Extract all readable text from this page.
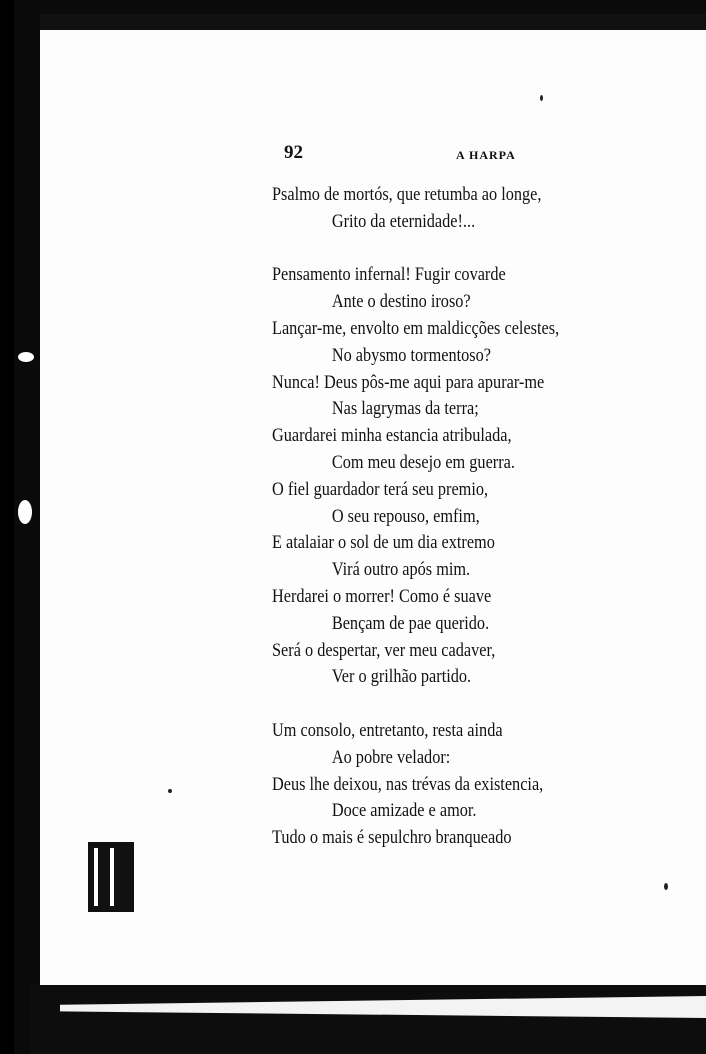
92	A HARPA
Psalmo de mortós, que retumba ao longe,
Grito da eternidade!...
Pensamento infernal! Fugir covarde
Ante o destino iroso?
Lançar-me, envolto em maldicções celestes,
No abysmo tormentoso?
Nunca! Deus pôs-me aqui para apurar-me
Nas lagrymas da terra;
Guardarei minha estancia atribulada,
Com meu desejo em guerra.
O fiel guardador terá seu premio,
O seu repouso, emfim,
E atalaiar o sol de um dia extremo
Virá outro após mim.
Herdarei o morrer! Como é suave
Bençam de pae querido.
Será o despertar, ver meu cadaver,
Ver o grilhão partido.
Um consolo, entretanto, resta ainda
Ao pobre velador:
Deus lhe deixou, nas trévas da existencia,
Doce amizade e amor.
Tudo o mais é sepulchro branqueado
